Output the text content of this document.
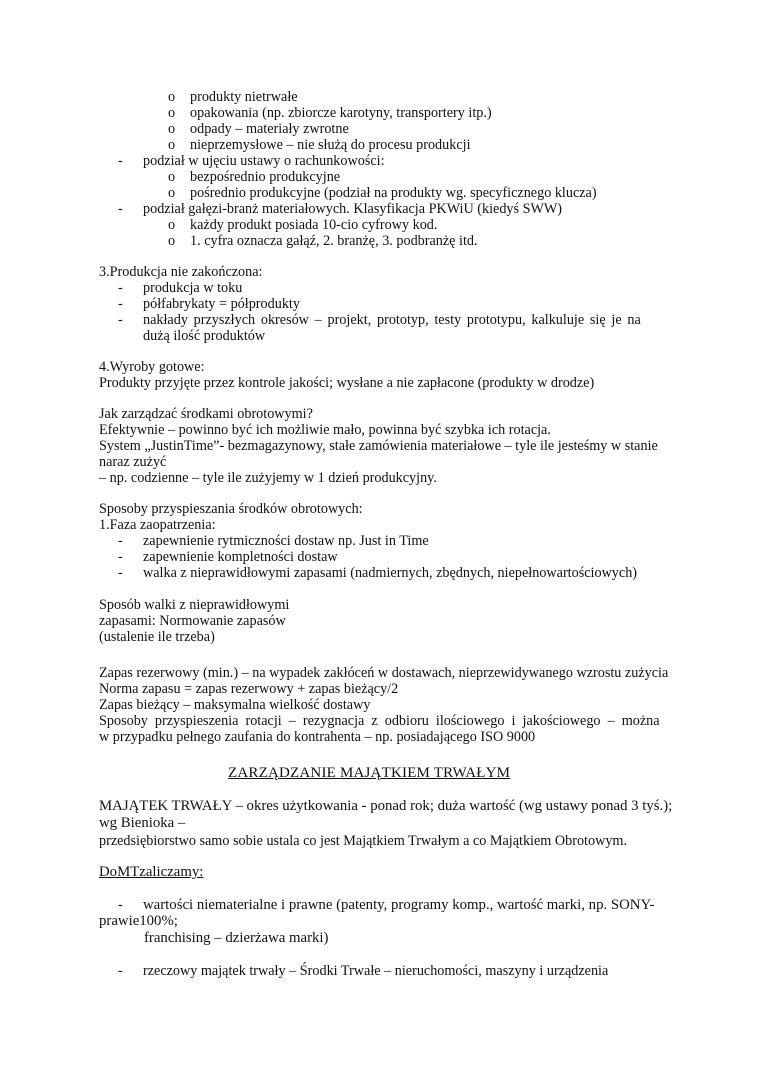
o produkty nietrwałe
o opakowania (np. zbiorcze karotyny, transportery itp.)
o odpady – materiały zwrotne
o nieprzemysłowe – nie służą do procesu produkcji
- podział w ujęciu ustawy o rachunkowości:
o bezpośrednio produkcyjne
o pośrednio produkcyjne (podział na produkty wg. specyficznego klucza)
- podział gałęzi-branż materiałowych. Klasyfikacja PKWiU (kiedyś SWW)
o każdy produkt posiada 10-cio cyfrowy kod.
o 1. cyfra oznacza gałąź, 2. branżę, 3. podbranżę itd.
3.Produkcja nie zakończona:
- produkcja w toku
- półfabrykaty = półprodukty
- nakłady przyszłych okresów – projekt, prototyp, testy prototypu, kalkuluje się je na
dużą ilość produktów
4.Wyroby gotowe:
Produkty przyjęte przez kontrole jakości; wysłane a nie zapłacone (produkty w drodze)
Jak zarządzać środkami obrotowymi?
Efektywnie – powinno być ich możliwie mało, powinna być szybka ich rotacja.
System „JustinTime”- bezmagazynowy, stałe zamówienia materiałowe – tyle ile jesteśmy w stanie
naraz zużyć
– np. codzienne – tyle ile zużyjemy w 1 dzień produkcyjny.
Sposoby przyspieszania środków obrotowych:
1.Faza zaopatrzenia:
- zapewnienie rytmiczności dostaw np. Just in Time
- zapewnienie kompletności dostaw
- walka z nieprawidłowymi zapasami (nadmiernych, zbędnych, niepełnowartościowych)
Sposób walki z nieprawidłowymi
zapasami: Normowanie zapasów
(ustalenie ile trzeba)
Zapas rezerwowy (min.) – na wypadek zakłóceń w dostawach, nieprzewidywanego wzrostu zużycia
Norma zapasu = zapas rezerwowy + zapas bieżący/2
Zapas bieżący – maksymalna wielkość dostawy
Sposoby przyspieszenia rotacji – rezygnacja z odbioru ilościowego i jakościowego – można
w przypadku pełnego zaufania do kontrahenta – np. posiadającego ISO 9000
ZARZĄDZANIE MAJĄTKIEM TRWAŁYM
MAJĄTEK TRWAŁY – okres użytkowania - ponad rok; duża wartość (wg ustawy ponad 3 tyś.);
wg Bienioka –
przedsiębiorstwo samo sobie ustala co jest Majątkiem Trwałym a co Majątkiem Obrotowym.
DoMTzaliczamy:
- wartości niematerialne i prawne (patenty, programy komp., wartość marki, np. SONY-
prawie100%;
franchising – dzierżawa marki)
- rzeczowy majątek trwały – Środki Trwałe – nieruchomości, maszyny i urządzenia
